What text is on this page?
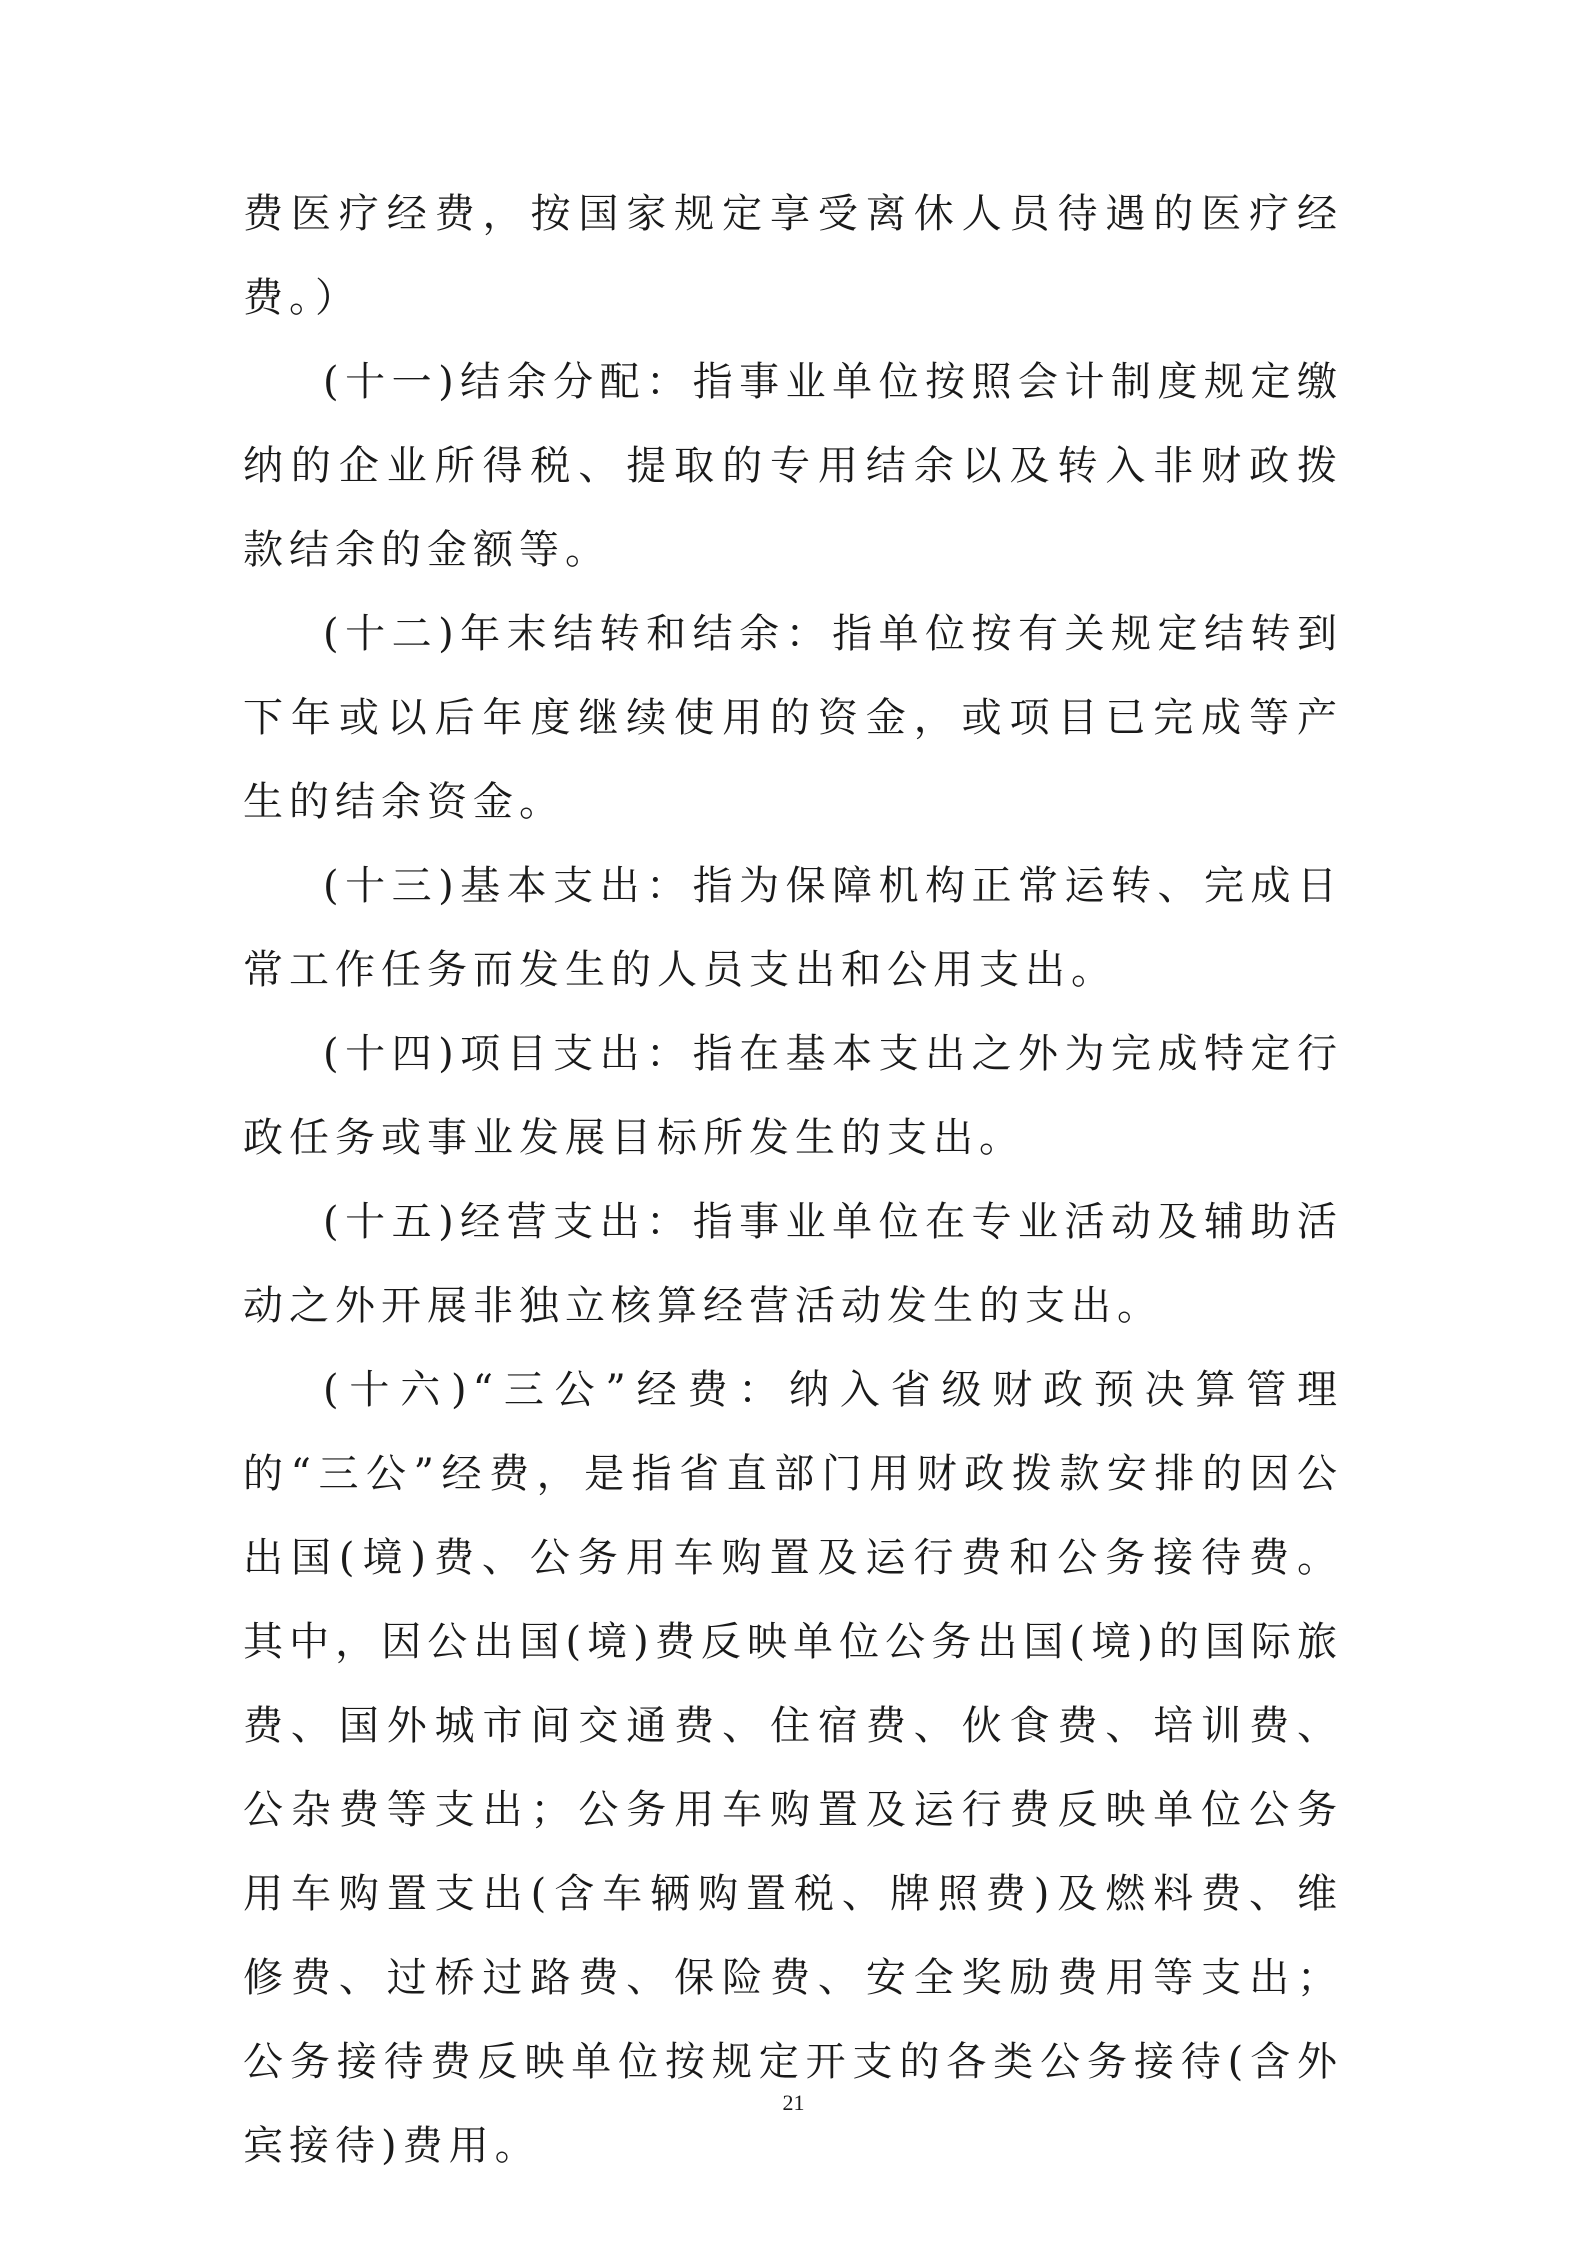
费医疗经费，按国家规定享受离休人员待遇的医疗经费。）

(十一)结余分配：指事业单位按照会计制度规定缴纳的企业所得税、提取的专用结余以及转入非财政拨款结余的金额等。

(十二)年末结转和结余：指单位按有关规定结转到下年或以后年度继续使用的资金，或项目已完成等产生的结余资金。

(十三)基本支出：指为保障机构正常运转、完成日常工作任务而发生的人员支出和公用支出。

(十四)项目支出：指在基本支出之外为完成特定行政任务或事业发展目标所发生的支出。

(十五)经营支出：指事业单位在专业活动及辅助活动之外开展非独立核算经营活动发生的支出。

(十六)“三公”经费：纳入省级财政预决算管理的“三公”经费，是指省直部门用财政拨款安排的因公出国(境)费、公务用车购置及运行费和公务接待费。其中，因公出国(境)费反映单位公务出国(境)的国际旅费、国外城市间交通费、住宿费、伙食费、培训费、公杂费等支出；公务用车购置及运行费反映单位公务用车购置支出(含车辆购置税、牌照费)及燃料费、维修费、过桥过路费、保险费、安全奖励费用等支出；公务接待费反映单位按规定开支的各类公务接待(含外宾接待)费用。

21
